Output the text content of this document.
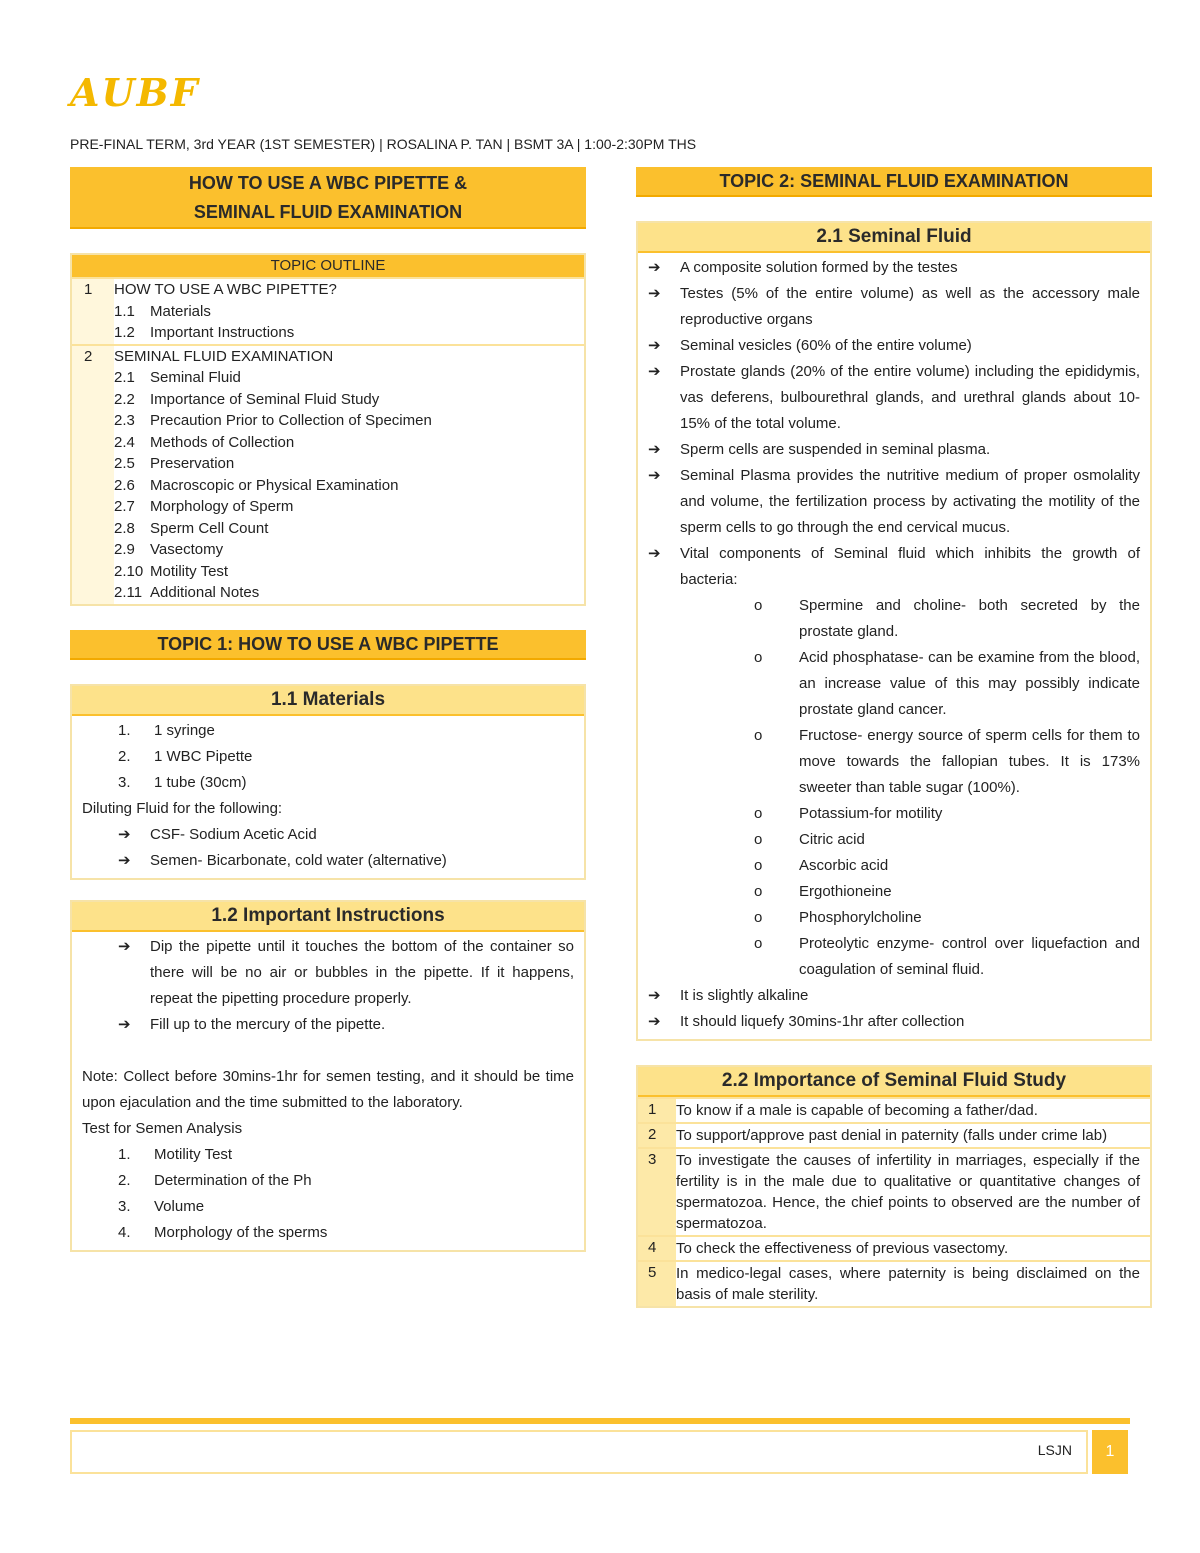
AUBF
PRE-FINAL TERM, 3rd YEAR (1ST SEMESTER) | ROSALINA P. TAN | BSMT 3A | 1:00-2:30PM THS
HOW TO USE A WBC PIPETTE &
SEMINAL FLUID EXAMINATION
TOPIC OUTLINE
1	HOW TO USE A WBC PIPETTE?
1.1	Materials
1.2	Important Instructions
2	SEMINAL FLUID EXAMINATION
2.1	Seminal Fluid
2.2	Importance of Seminal Fluid Study
2.3	Precaution Prior to Collection of Specimen
2.4	Methods of Collection
2.5	Preservation
2.6	Macroscopic or Physical Examination
2.7	Morphology of Sperm
2.8	Sperm Cell Count
2.9	Vasectomy
2.10 Motility Test
2.11 Additional Notes
TOPIC 1: HOW TO USE A WBC PIPETTE
1.1 Materials
1.	1 syringe
2.	1 WBC Pipette
3.	1 tube (30cm)
Diluting Fluid for the following:
➔	CSF- Sodium Acetic Acid
➔	Semen- Bicarbonate, cold water (alternative)
1.2 Important Instructions
➔	Dip the pipette until it touches the bottom of the container so there will be no air or bubbles in the pipette. If it happens, repeat the pipetting procedure properly.
➔	Fill up to the mercury of the pipette.
Note: Collect before 30mins-1hr for semen testing, and it should be time upon ejaculation and the time submitted to the laboratory.
Test for Semen Analysis
1.	Motility Test
2.	Determination of the Ph
3.	Volume
4.	Morphology of the sperms
TOPIC 2: SEMINAL FLUID EXAMINATION
2.1 Seminal Fluid
➔	A composite solution formed by the testes
➔	Testes (5% of the entire volume) as well as the accessory male reproductive organs
➔	Seminal vesicles (60% of the entire volume)
➔	Prostate glands (20% of the entire volume) including the epididymis, vas deferens, bulbourethral glands, and urethral glands about 10-15% of the total volume.
➔	Sperm cells are suspended in seminal plasma.
➔	Seminal Plasma provides the nutritive medium of proper osmolality and volume, the fertilization process by activating the motility of the sperm cells to go through the end cervical mucus.
➔	Vital components of Seminal fluid which inhibits the growth of bacteria:
o	Spermine and choline- both secreted by the prostate gland.
o	Acid phosphatase- can be examine from the blood, an increase value of this may possibly indicate prostate gland cancer.
o	Fructose- energy source of sperm cells for them to move towards the fallopian tubes. It is 173% sweeter than table sugar (100%).
o	Potassium-for motility
o	Citric acid
o	Ascorbic acid
o	Ergothioneine
o	Phosphorylcholine
o	Proteolytic enzyme- control over liquefaction and coagulation of seminal fluid.
➔	It is slightly alkaline
➔	It should liquefy 30mins-1hr after collection
2.2 Importance of Seminal Fluid Study
1	To know if a male is capable of becoming a father/dad.
2	To support/approve past denial in paternity (falls under crime lab)
3	To investigate the causes of infertility in marriages, especially if the fertility is in the male due to qualitative or quantitative changes of spermatozoa. Hence, the chief points to observed are the number of spermatozoa.
4	To check the effectiveness of previous vasectomy.
5	In medico-legal cases, where paternity is being disclaimed on the basis of male sterility.
LSJN	1
